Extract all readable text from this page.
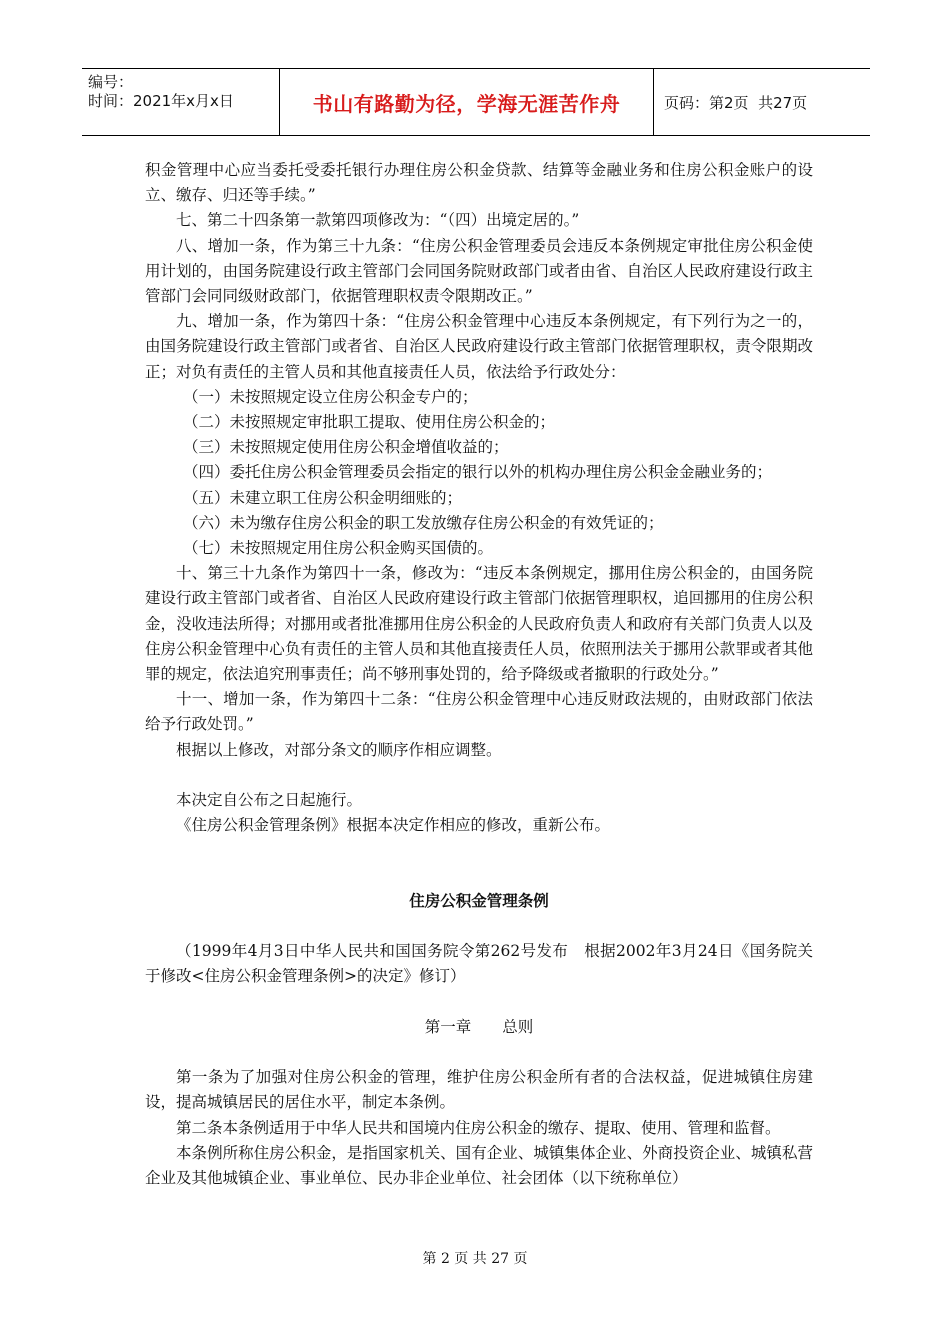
编号：
时间：2021年x月x日	书山有路勤为径，学海无涯苦作舟	页码：第2页  共27页

积金管理中心应当委托受委托银行办理住房公积金贷款、结算等金融业务和住房公积金账户的设立、缴存、归还等手续。”

七、第二十四条第一款第四项修改为：“（四）出境定居的。”

八、增加一条，作为第三十九条：“住房公积金管理委员会违反本条例规定审批住房公积金使用计划的，由国务院建设行政主管部门会同国务院财政部门或者由省、自治区人民政府建设行政主管部门会同同级财政部门，依据管理职权责令限期改正。”

九、增加一条，作为第四十条：“住房公积金管理中心违反本条例规定，有下列行为之一的，由国务院建设行政主管部门或者省、自治区人民政府建设行政主管部门依据管理职权，责令限期改正；对负有责任的主管人员和其他直接责任人员，依法给予行政处分：

（一）未按照规定设立住房公积金专户的；

（二）未按照规定审批职工提取、使用住房公积金的；

（三）未按照规定使用住房公积金增值收益的；

（四）委托住房公积金管理委员会指定的银行以外的机构办理住房公积金金融业务的；

（五）未建立职工住房公积金明细账的；

（六）未为缴存住房公积金的职工发放缴存住房公积金的有效凭证的；

（七）未按照规定用住房公积金购买国债的。

十、第三十九条作为第四十一条，修改为：“违反本条例规定，挪用住房公积金的，由国务院建设行政主管部门或者省、自治区人民政府建设行政主管部门依据管理职权，追回挪用的住房公积金，没收违法所得；对挪用或者批准挪用住房公积金的人民政府负责人和政府有关部门负责人以及住房公积金管理中心负有责任的主管人员和其他直接责任人员，依照刑法关于挪用公款罪或者其他罪的规定，依法追究刑事责任；尚不够刑事处罚的，给予降级或者撤职的行政处分。”

十一、增加一条，作为第四十二条：“住房公积金管理中心违反财政法规的，由财政部门依法给予行政处罚。”

根据以上修改，对部分条文的顺序作相应调整。

本决定自公布之日起施行。

《住房公积金管理条例》根据本决定作相应的修改，重新公布。

住房公积金管理条例

（1999年4月3日中华人民共和国国务院令第262号发布　根据2002年3月24日《国务院关于修改<住房公积金管理条例>的决定》修订）

第一章　　总则

第一条为了加强对住房公积金的管理，维护住房公积金所有者的合法权益，促进城镇住房建设，提高城镇居民的居住水平，制定本条例。

第二条本条例适用于中华人民共和国境内住房公积金的缴存、提取、使用、管理和监督。

本条例所称住房公积金，是指国家机关、国有企业、城镇集体企业、外商投资企业、城镇私营企业及其他城镇企业、事业单位、民办非企业单位、社会团体（以下统称单位）

第 2 页 共 27 页
